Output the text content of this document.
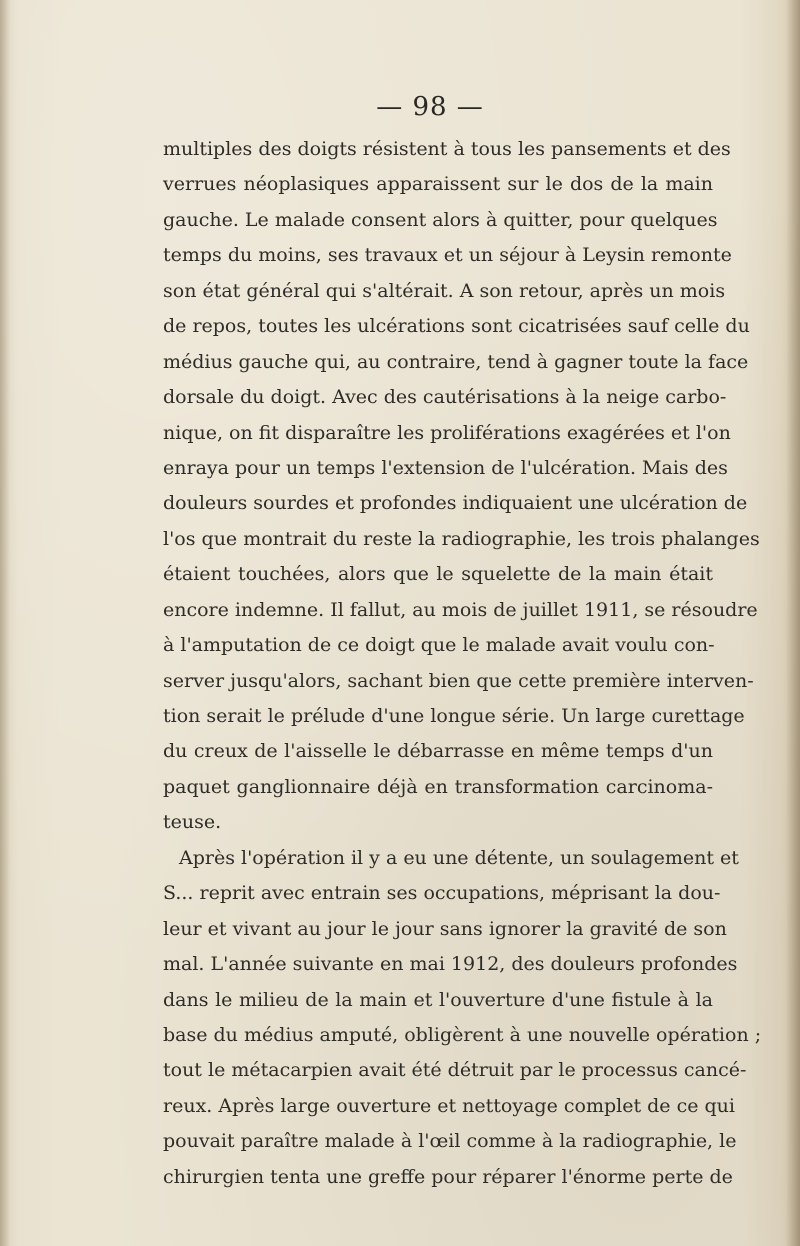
— 98 —
multiples des doigts résistent à tous les pansements et des
verrues néoplasiques apparaissent sur le dos de la main
gauche. Le malade consent alors à quitter, pour quelques
temps du moins, ses travaux et un séjour à Leysin remonte
son état général qui s'altérait. A son retour, après un mois
de repos, toutes les ulcérations sont cicatrisées sauf celle du
médius gauche qui, au contraire, tend à gagner toute la face
dorsale du doigt. Avec des cautérisations à la neige carbo-
nique, on fit disparaître les proliférations exagérées et l'on
enraya pour un temps l'extension de l'ulcération. Mais des
douleurs sourdes et profondes indiquaient une ulcération de
l'os que montrait du reste la radiographie, les trois phalanges
étaient touchées, alors que le squelette de la main était
encore indemne. Il fallut, au mois de juillet 1911, se résoudre
à l'amputation de ce doigt que le malade avait voulu con-
server jusqu'alors, sachant bien que cette première interven-
tion serait le prélude d'une longue série. Un large curettage
du creux de l'aisselle le débarrasse en même temps d'un
paquet ganglionnaire déjà en transformation carcinoma-
teuse.
Après l'opération il y a eu une détente, un soulagement et
S... reprit avec entrain ses occupations, méprisant la dou-
leur et vivant au jour le jour sans ignorer la gravité de son
mal. L'année suivante en mai 1912, des douleurs profondes
dans le milieu de la main et l'ouverture d'une fistule à la
base du médius amputé, obligèrent à une nouvelle opération ;
tout le métacarpien avait été détruit par le processus cancé-
reux. Après large ouverture et nettoyage complet de ce qui
pouvait paraître malade à l'œil comme à la radiographie, le
chirurgien tenta une greffe pour réparer l'énorme perte de
